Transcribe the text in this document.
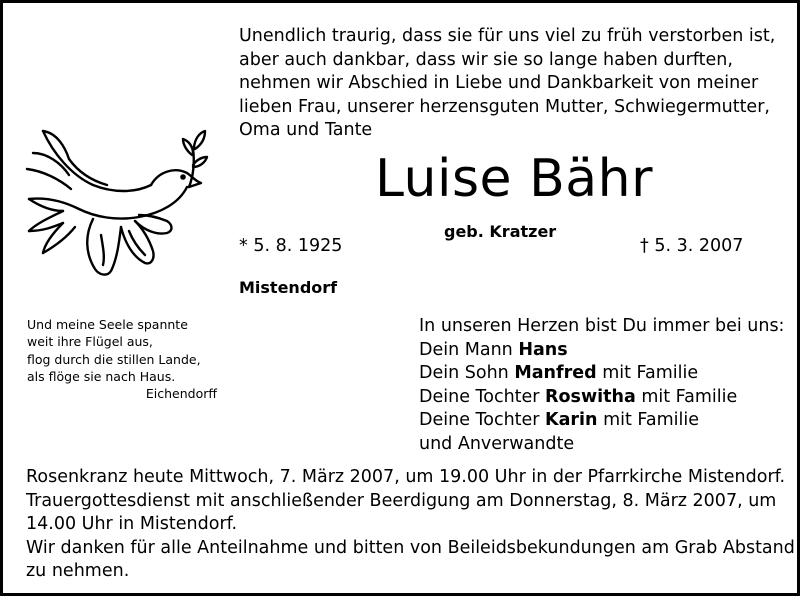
Unendlich traurig, dass sie für uns viel zu früh verstorben ist,
aber auch dankbar, dass wir sie so lange haben durften,
nehmen wir Abschied in Liebe und Dankbarkeit von meiner
lieben Frau, unserer herzensguten Mutter, Schwiegermutter,
Oma und Tante
Luise Bähr
geb. Kratzer
* 5. 8. 1925	† 5. 3. 2007
Mistendorf
Und meine Seele spannte
weit ihre Flügel aus,
flog durch die stillen Lande,
als flöge sie nach Haus.
Eichendorff
In unseren Herzen bist Du immer bei uns:
Dein Mann Hans
Dein Sohn Manfred mit Familie
Deine Tochter Roswitha mit Familie
Deine Tochter Karin mit Familie
und Anverwandte
Rosenkranz heute Mittwoch, 7. März 2007, um 19.00 Uhr in der Pfarrkirche Mistendorf.
Trauergottesdienst mit anschließender Beerdigung am Donnerstag, 8. März 2007, um
14.00 Uhr in Mistendorf.
Wir danken für alle Anteilnahme und bitten von Beileidsbekundungen am Grab Abstand
zu nehmen.
